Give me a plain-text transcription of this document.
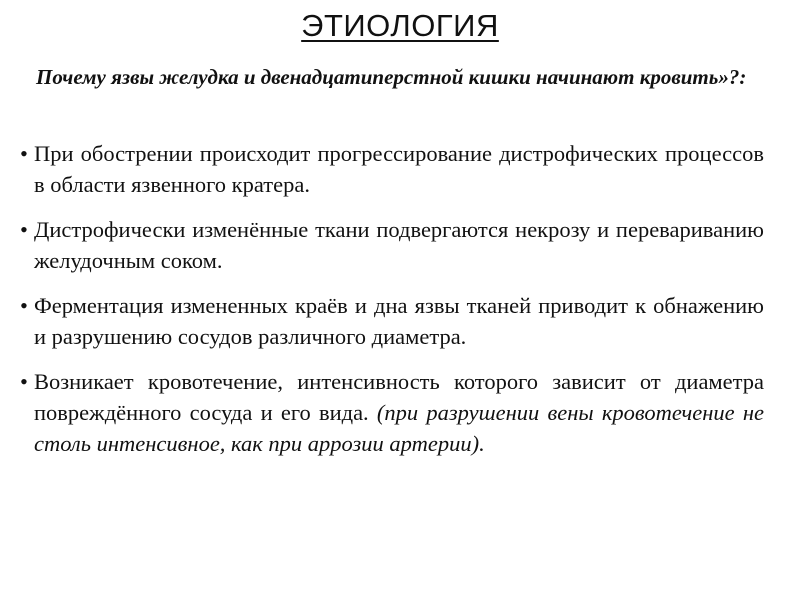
ЭТИОЛОГИЯ
Почему язвы желудка и двенадцатиперстной кишки начинают кровить»?:
• При обострении происходит прогрессирование дистрофических процессов в области язвенного кратера.
• Дистрофически изменённые ткани подвергаются некрозу и перевариванию желудочным соком.
• Ферментация измененных краёв и дна язвы тканей приводит к обнажению и разрушению сосудов различного диаметра.
• Возникает кровотечение, интенсивность которого зависит от диаметра повреждённого сосуда и его вида. (при разрушении вены кровотечение не столь интенсивное, как при аррозии артерии).
